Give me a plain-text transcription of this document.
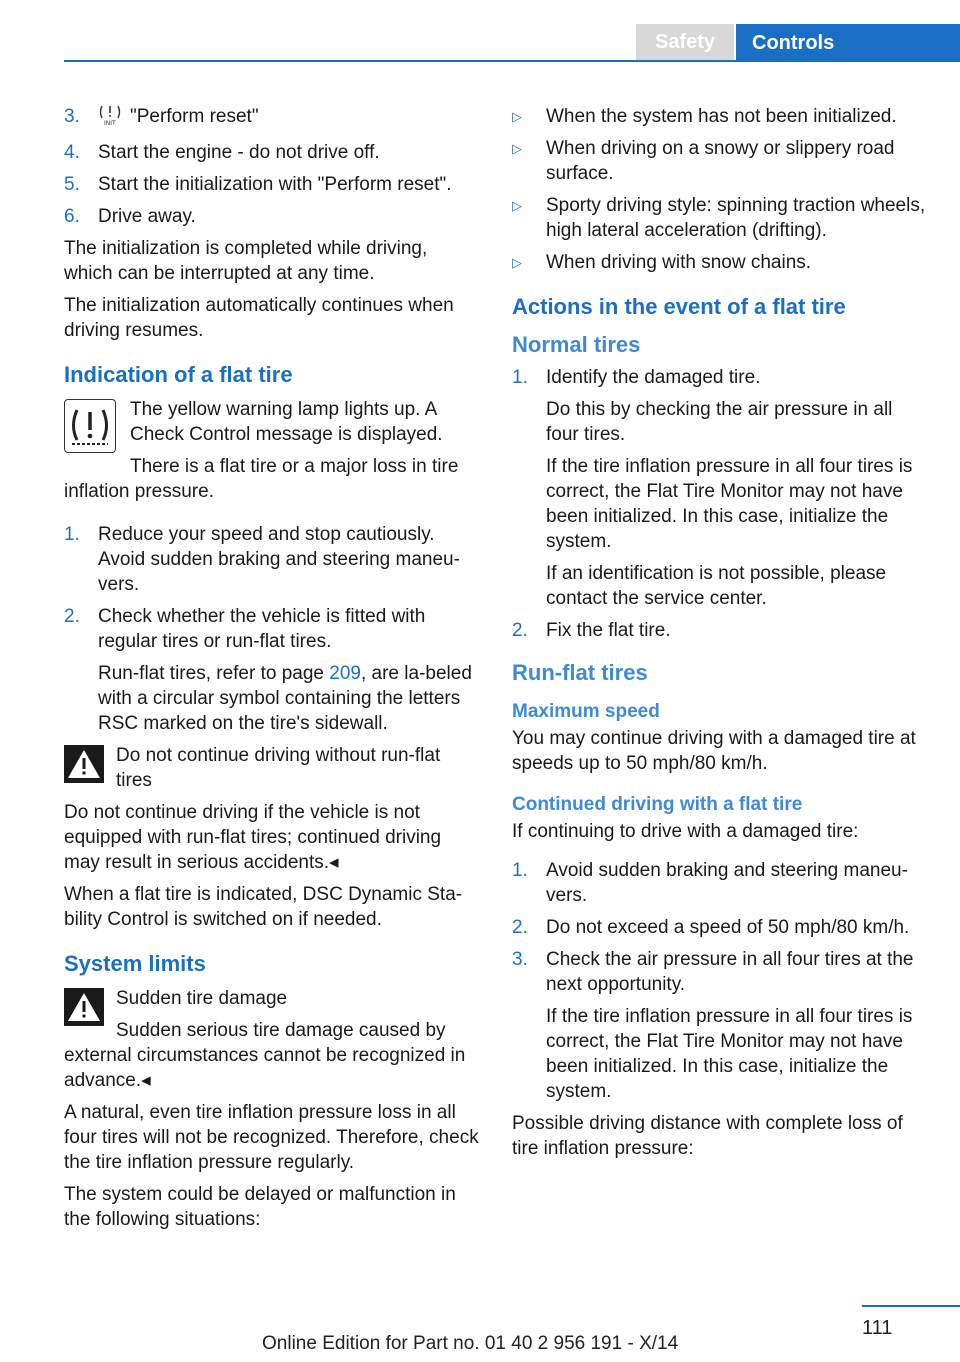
Safety	Controls
3.	INIT "Perform reset"
4. Start the engine - do not drive off.
5. Start the initialization with "Perform reset".
6. Drive away.

The initialization is completed while driving, which can be interrupted at any time.

The initialization automatically continues when driving resumes.

Indication of a flat tire

The yellow warning lamp lights up. A Check Control message is displayed.

There is a flat tire or a major loss in tire inflation pressure.

1. Reduce your speed and stop cautiously. Avoid sudden braking and steering maneu-vers.
2. Check whether the vehicle is fitted with regular tires or run-flat tires.
Run-flat tires, refer to page 209, are la-beled with a circular symbol containing the letters RSC marked on the tire's sidewall.

Do not continue driving without run-flat tires

Do not continue driving if the vehicle is not equipped with run-flat tires; continued driving may result in serious accidents.◂

When a flat tire is indicated, DSC Dynamic Sta-bility Control is switched on if needed.

System limits

Sudden tire damage

Sudden serious tire damage caused by external circumstances cannot be recognized in advance.◂

A natural, even tire inflation pressure loss in all four tires will not be recognized. Therefore, check the tire inflation pressure regularly.

The system could be delayed or malfunction in the following situations:

▷	When the system has not been initialized.
▷	When driving on a snowy or slippery road surface.
▷	Sporty driving style: spinning traction wheels, high lateral acceleration (drifting).
▷	When driving with snow chains.
Actions in the event of a flat tire
Normal tires
1. Identify the damaged tire.
Do this by checking the air pressure in all four tires.
If the tire inflation pressure in all four tires is correct, the Flat Tire Monitor may not have been initialized. In this case, initialize the system.
If an identification is not possible, please contact the service center.
2. Fix the flat tire.
Run-flat tires
Maximum speed

You may continue driving with a damaged tire at speeds up to 50 mph/80 km/h.

Continued driving with a flat tire

If continuing to drive with a damaged tire:

1. Avoid sudden braking and steering maneu-vers.
2. Do not exceed a speed of 50 mph/80 km/h.
3. Check the air pressure in all four tires at the next opportunity.
If the tire inflation pressure in all four tires is correct, the Flat Tire Monitor may not have been initialized. In this case, initialize the system.

Possible driving distance with complete loss of tire inflation pressure:

111
Online Edition for Part no. 01 40 2 956 191 - X/14
